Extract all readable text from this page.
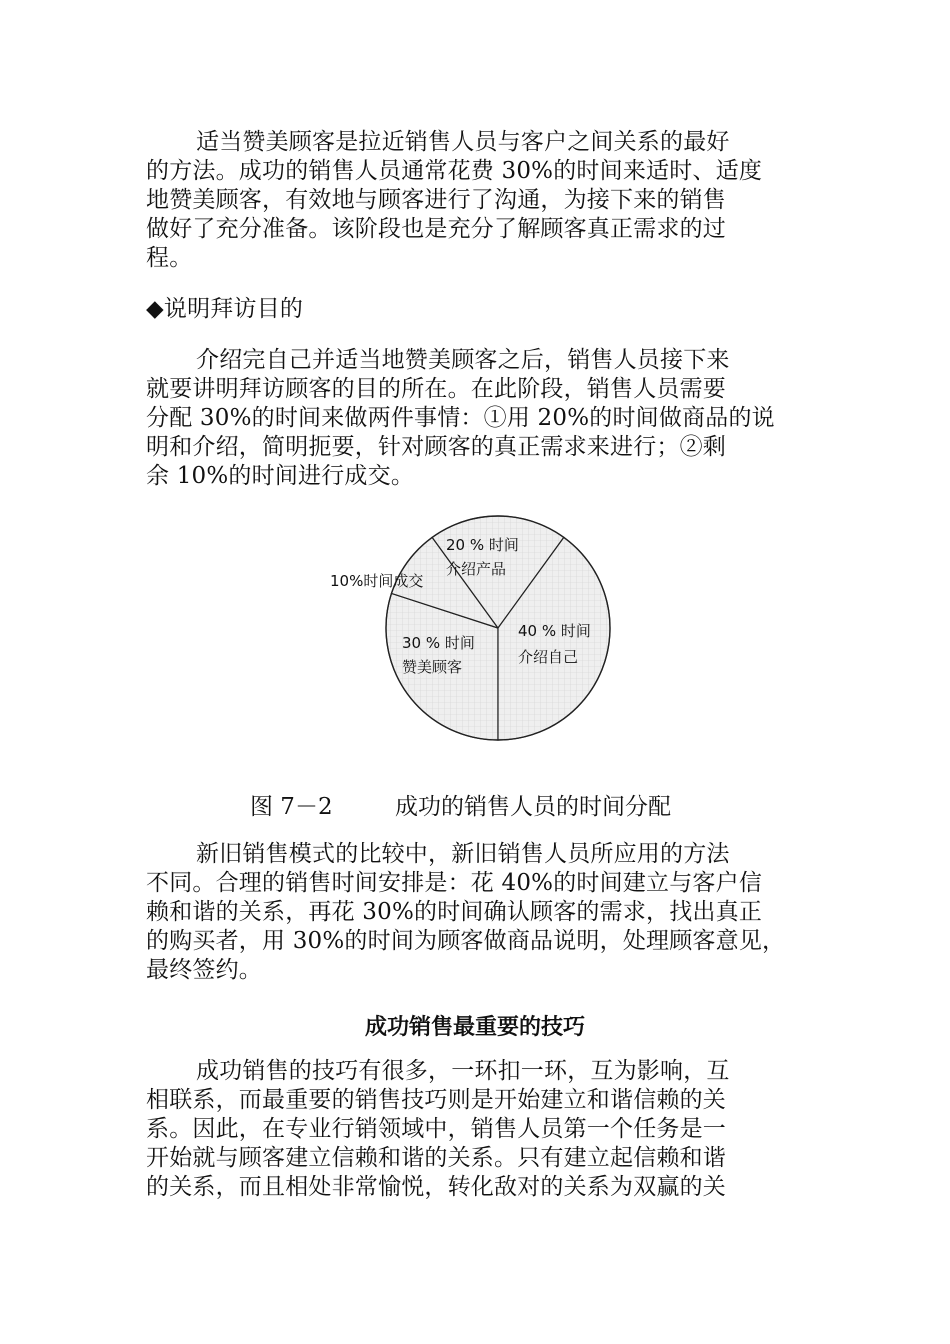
适当赞美顾客是拉近销售人员与客户之间关系的最好
的方法。成功的销售人员通常花费 30%的时间来适时、适度
地赞美顾客，有效地与顾客进行了沟通，为接下来的销售
做好了充分准备。该阶段也是充分了解顾客真正需求的过
程。
◆说明拜访目的
介绍完自己并适当地赞美顾客之后，销售人员接下来
就要讲明拜访顾客的目的所在。在此阶段，销售人员需要
分配 30%的时间来做两件事情：①用 20%的时间做商品的说
明和介绍，简明扼要，针对顾客的真正需求来进行；②剩
余 10%的时间进行成交。
40 % 时间
介绍自己
30 % 时间
赞美顾客
10%时间成交
20 % 时间
介绍产品
图 7－2	成功的销售人员的时间分配
新旧销售模式的比较中，新旧销售人员所应用的方法
不同。合理的销售时间安排是：花 40%的时间建立与客户信
赖和谐的关系，再花 30%的时间确认顾客的需求，找出真正
的购买者，用 30%的时间为顾客做商品说明，处理顾客意见，
最终签约。
成功销售最重要的技巧
成功销售的技巧有很多，一环扣一环，互为影响，互
相联系，而最重要的销售技巧则是开始建立和谐信赖的关
系。因此，在专业行销领域中，销售人员第一个任务是一
开始就与顾客建立信赖和谐的关系。只有建立起信赖和谐
的关系，而且相处非常愉悦，转化敌对的关系为双赢的关
